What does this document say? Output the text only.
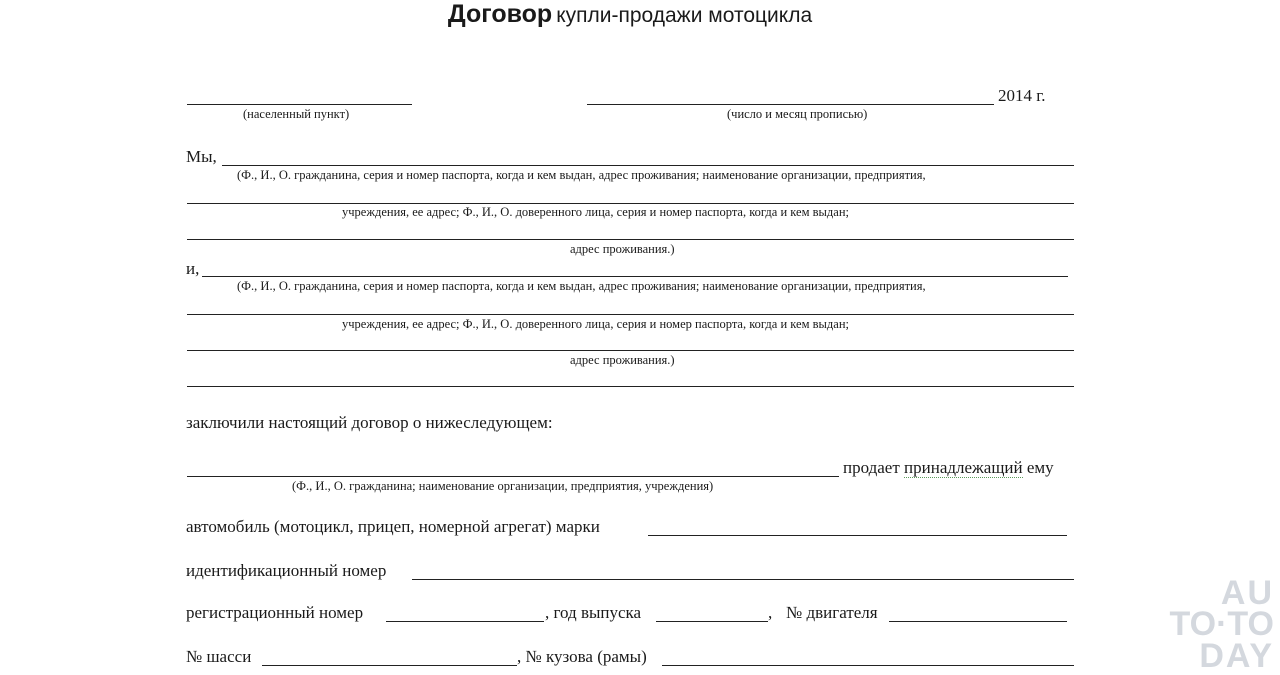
Договор купли-продажи мотоцикла
(населенный пункт)
2014 г.
(число и месяц прописью)
Мы,
(Ф., И., О. гражданина, серия и номер паспорта, когда и кем выдан, адрес проживания; наименование организации, предприятия,
учреждения, ее адрес; Ф., И., О. доверенного лица, серия и номер паспорта, когда и кем выдан;
адрес проживания.)
и,
(Ф., И., О. гражданина, серия и номер паспорта, когда и кем выдан, адрес проживания; наименование организации, предприятия,
учреждения, ее адрес; Ф., И., О. доверенного лица, серия и номер паспорта, когда и кем выдан;
адрес проживания.)
заключили настоящий договор о нижеследующем:
продает принадлежащий ему
(Ф., И., О. гражданина; наименование организации, предприятия, учреждения)
автомобиль (мотоцикл, прицеп, номерной агрегат) марки
идентификационный номер
регистрационный номер	, год выпуска	, № двигателя
№ шасси	, № кузова (рамы)
AU
TO·TO
DAY
